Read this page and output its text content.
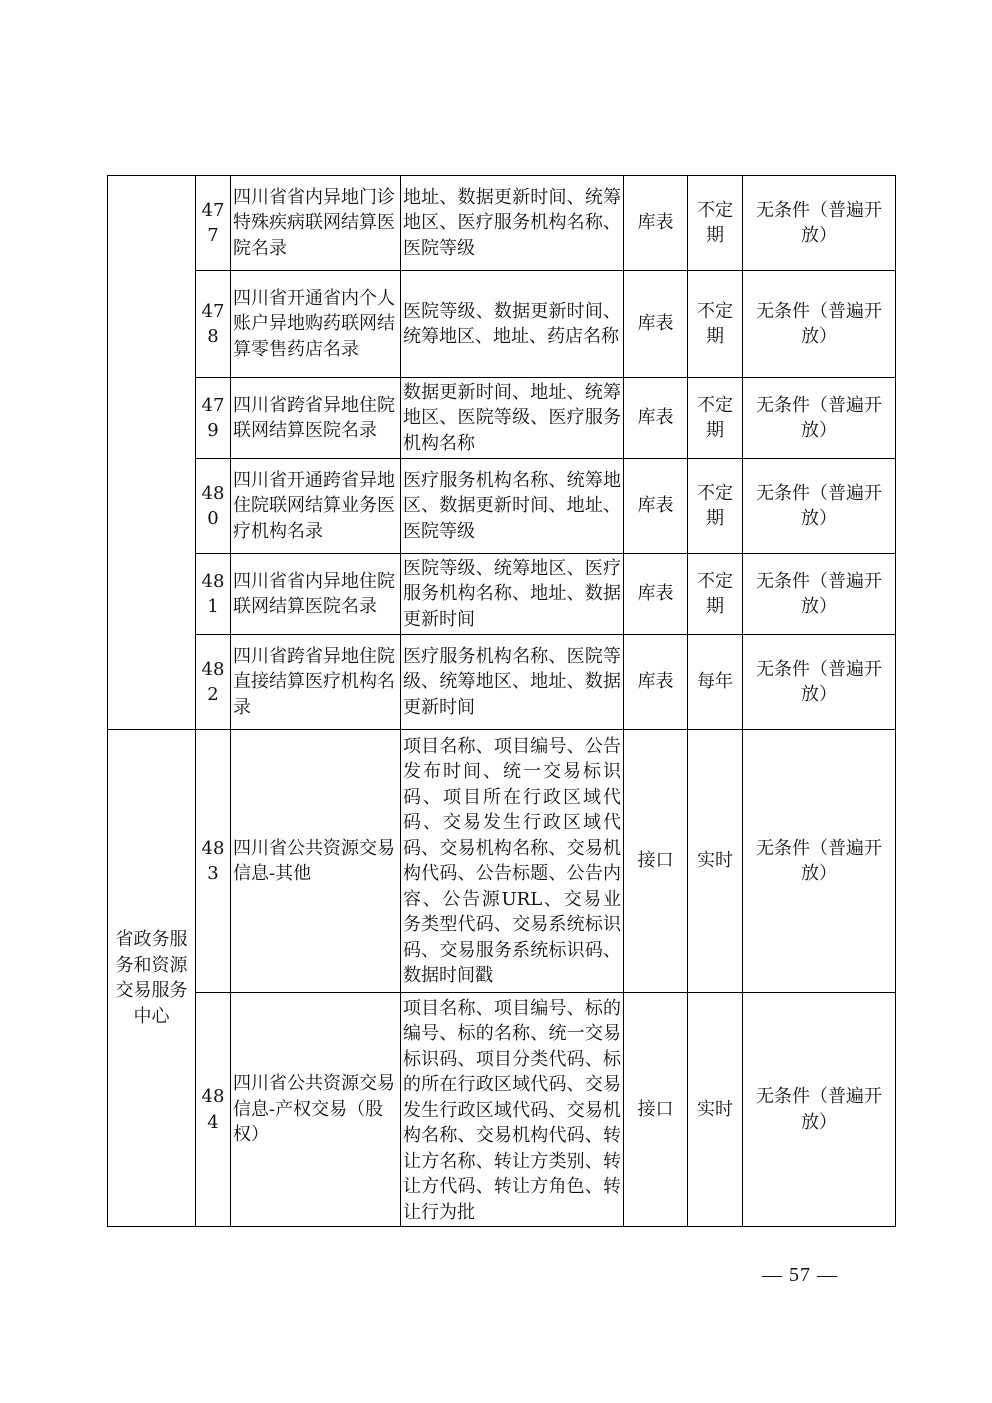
	477	四川省省内异地门诊特殊疾病联网结算医院名录	地址、数据更新时间、统筹地区、医疗服务机构名称、医院等级	库表	不定期	无条件（普遍开放）
	478	四川省开通省内个人账户异地购药联网结算零售药店名录	医院等级、数据更新时间、统筹地区、地址、药店名称	库表	不定期	无条件（普遍开放）
	479	四川省跨省异地住院联网结算医院名录	数据更新时间、地址、统筹地区、医院等级、医疗服务机构名称	库表	不定期	无条件（普遍开放）
	480	四川省开通跨省异地住院联网结算业务医疗机构名录	医疗服务机构名称、统筹地区、数据更新时间、地址、医院等级	库表	不定期	无条件（普遍开放）
	481	四川省省内异地住院联网结算医院名录	医院等级、统筹地区、医疗服务机构名称、地址、数据更新时间	库表	不定期	无条件（普遍开放）
	482	四川省跨省异地住院直接结算医疗机构名录	医疗服务机构名称、医院等级、统筹地区、地址、数据更新时间	库表	每年	无条件（普遍开放）
省政务服务和资源交易服务中心	483	四川省公共资源交易信息-其他	项目名称、项目编号、公告发布时间、统一交易标识码、项目所在行政区域代码、交易发生行政区域代码、交易机构名称、交易机构代码、公告标题、公告内容、公告源URL、交易业务类型代码、交易系统标识码、交易服务系统标识码、数据时间戳	接口	实时	无条件（普遍开放）
	484	四川省公共资源交易信息-产权交易（股权）	项目名称、项目编号、标的编号、标的名称、统一交易标识码、项目分类代码、标的所在行政区域代码、交易发生行政区域代码、交易机构名称、交易机构代码、转让方名称、转让方类别、转让方代码、转让方角色、转让行为批	接口	实时	无条件（普遍开放）
— 57 —
